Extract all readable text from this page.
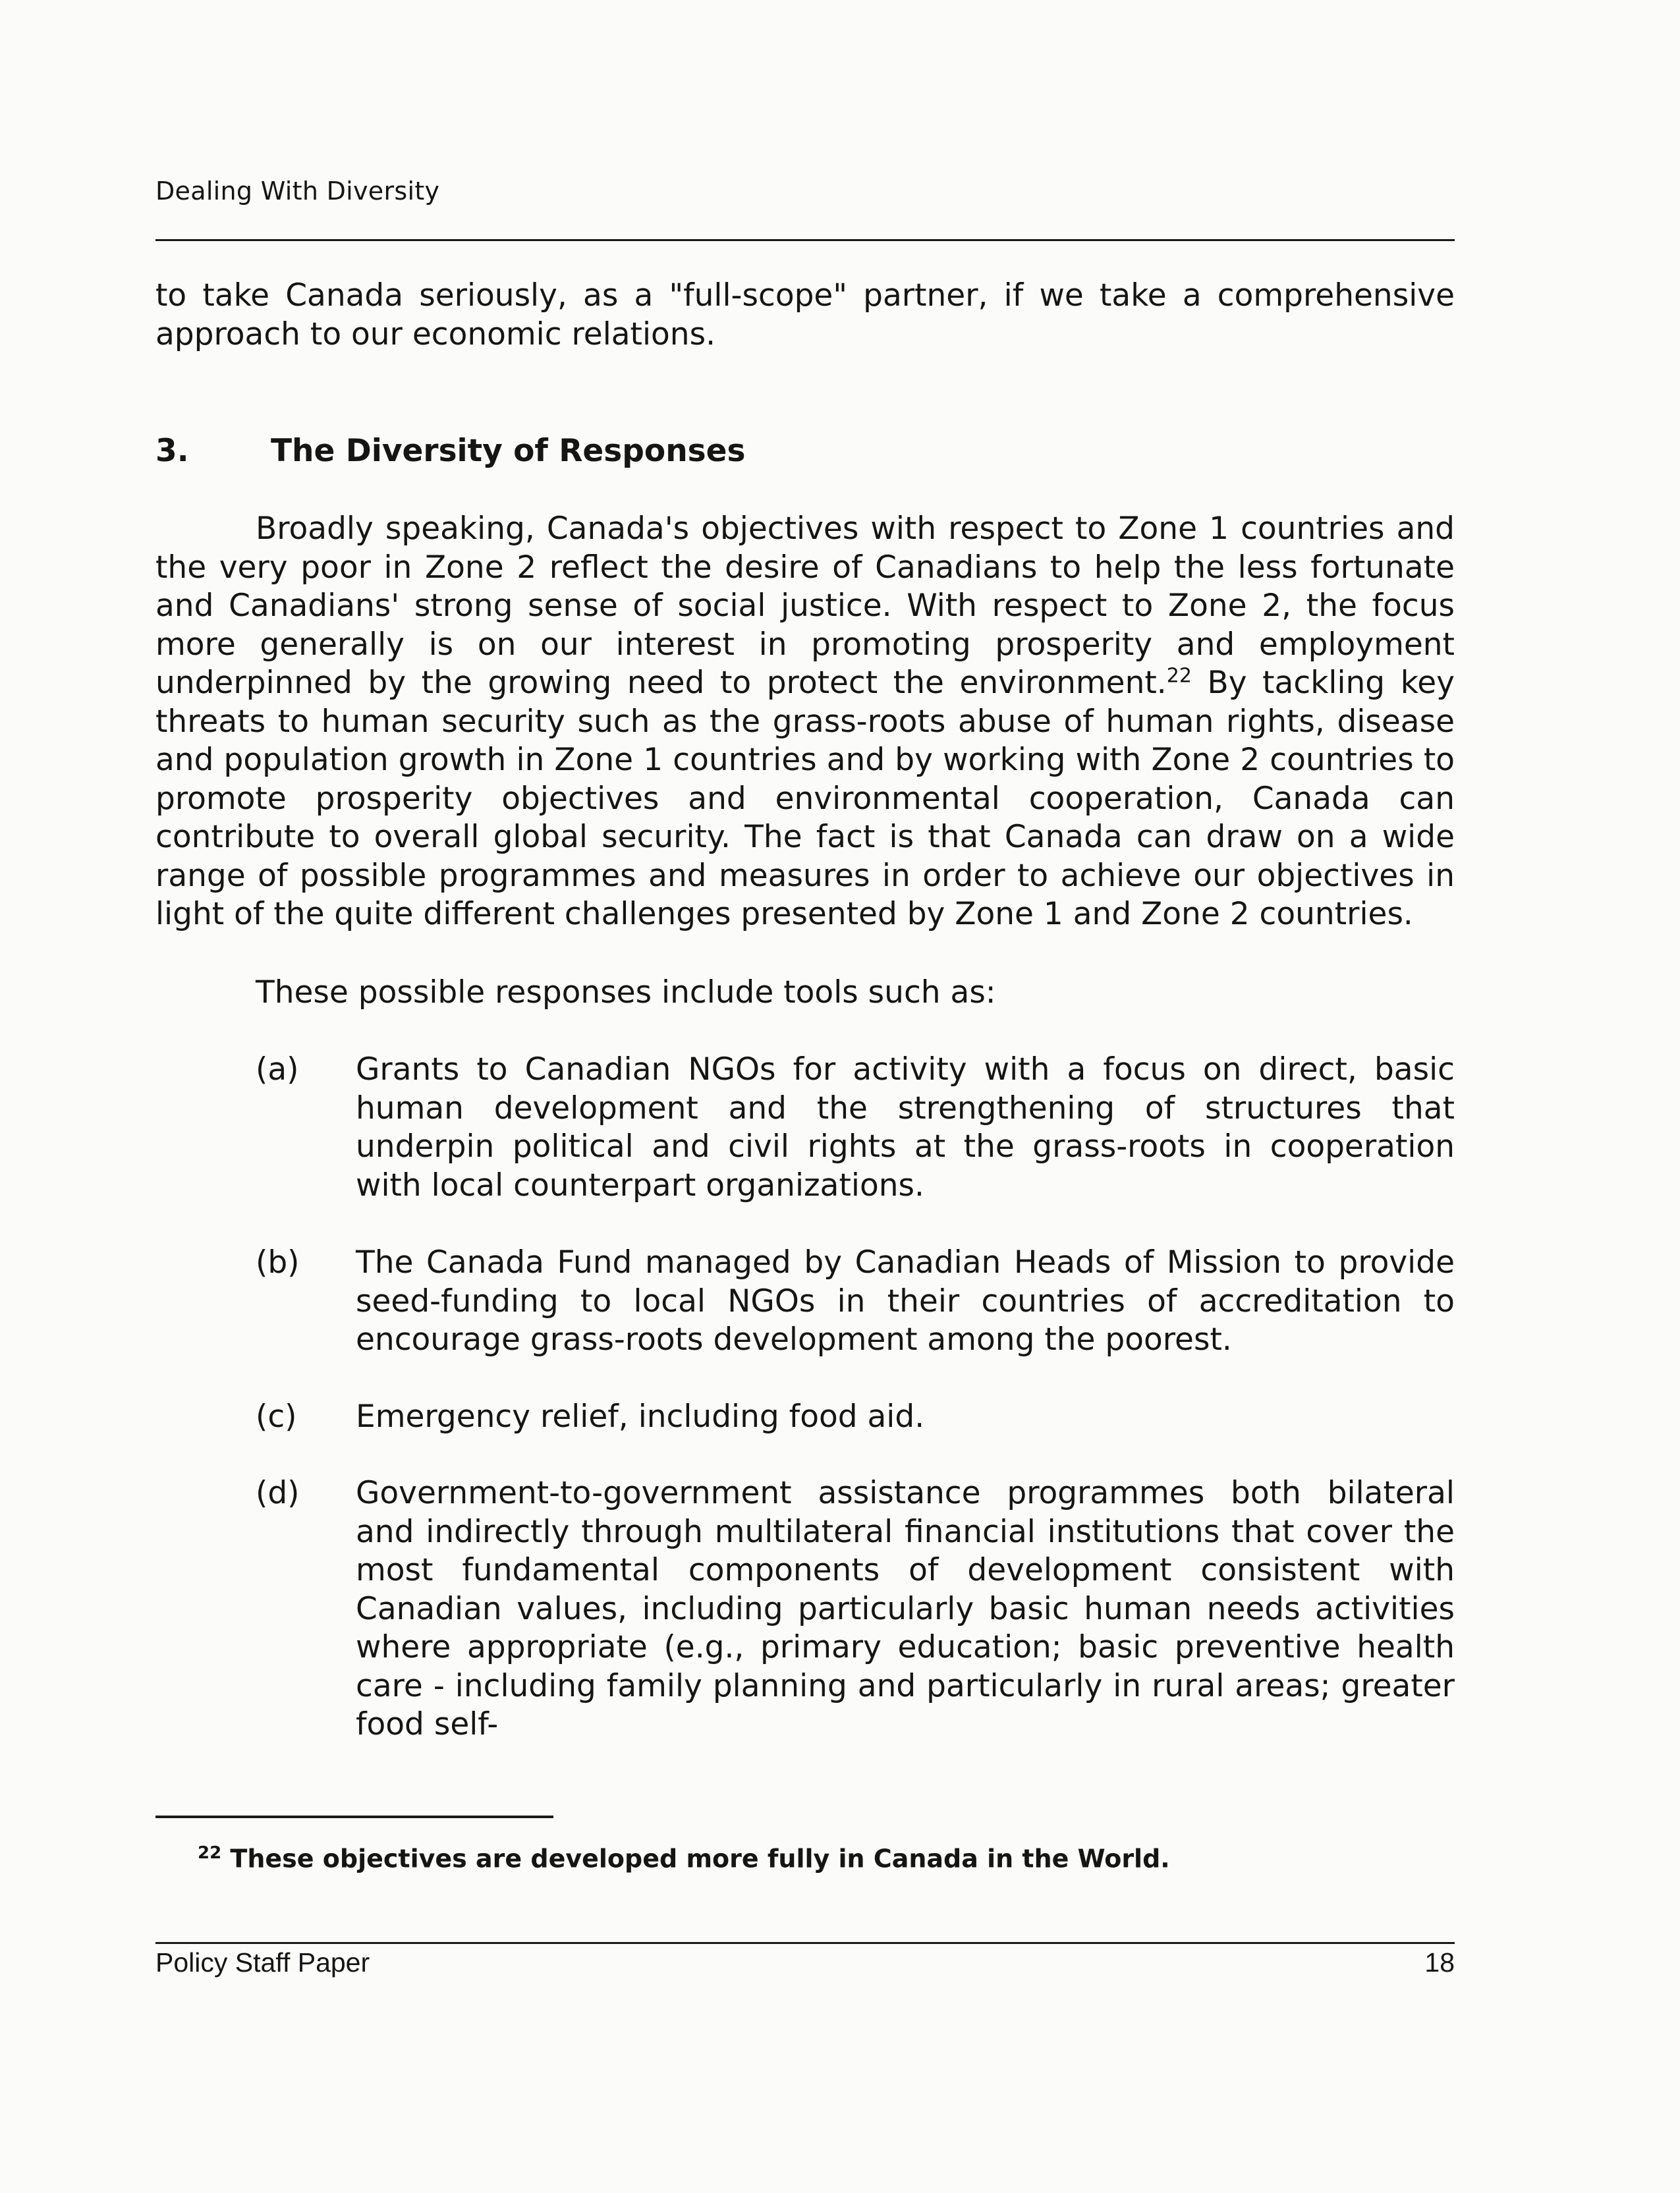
Dealing With Diversity
to take Canada seriously, as a "full-scope" partner, if we take a comprehensive approach to our economic relations.
3.	The Diversity of Responses

Broadly speaking, Canada's objectives with respect to Zone 1 countries and the very poor in Zone 2 reflect the desire of Canadians to help the less fortunate and Canadians' strong sense of social justice. With respect to Zone 2, the focus more generally is on our interest in promoting prosperity and employment underpinned by the growing need to protect the environment.$^{22}$ By tackling key threats to human security such as the grass-roots abuse of human rights, disease and population growth in Zone 1 countries and by working with Zone 2 countries to promote prosperity objectives and environmental cooperation, Canada can contribute to overall global security. The fact is that Canada can draw on a wide range of possible programmes and measures in order to achieve our objectives in light of the quite different challenges presented by Zone 1 and Zone 2 countries.

These possible responses include tools such as:
(a) Grants to Canadian NGOs for activity with a focus on direct, basic human development and the strengthening of structures that underpin political and civil rights at the grass-roots in cooperation with local counterpart organizations.
(b) The Canada Fund managed by Canadian Heads of Mission to provide seed-funding to local NGOs in their countries of accreditation to encourage grass-roots development among the poorest.
(c) Emergency relief, including food aid.
(d) Government-to-government assistance programmes both bilateral and indirectly through multilateral financial institutions that cover the most fundamental components of development consistent with Canadian values, including particularly basic human needs activities where appropriate (e.g., primary education; basic preventive health care - including family planning and particularly in rural areas; greater food self-
$^{22}$ These objectives are developed more fully in Canada in the World.
Policy Staff Paper	18
